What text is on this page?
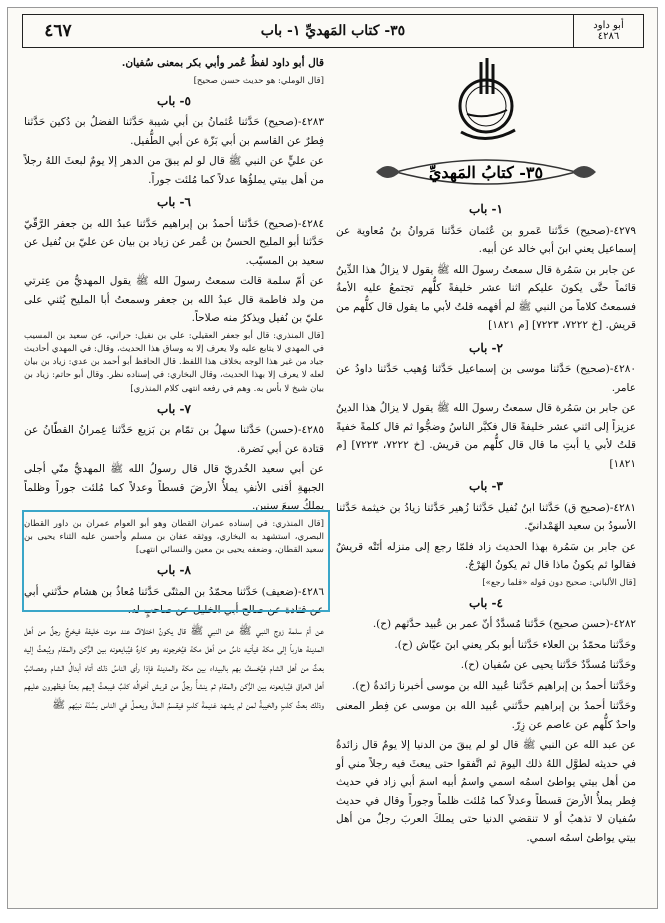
٤٦٧	٣٥- كتاب المَهديِّ ١- باب	أبو داود
٤٢٨٦
٣٥- كتابُ المَهديِّ
١- باب

٤٢٧٩-(صحيح) حَدَّثنا عَمرو بن عُثمان حَدَّثنا مَروانُ بنُ مُعاوية عن إسماعيل يعني ابنَ أبي خالد عن أبيه.

عن جابر بن سَمُرة قال سمعتُ رسولَ الله ﷺ يقول لا يزالُ هذا الدِّينُ قائماً حتَّى يكونَ عليكم اثنا عشر خليفةً كلُّهم تجتمعُ عليه الأمةُ فسمعتُ كلاماً من النبي ﷺ لم أفهمه قلتُ لأبي ما يقول قال كلُّهم من قريش. [خ ٧٢٢٢، ٧٢٢٣] [م ١٨٢١]

٢- باب

٤٢٨٠-(صحيح) حَدَّثنا موسى بن إسماعيل حَدَّثنا وُهيب حَدَّثنا داودُ عن عامر.

عن جابر بن سَمُرة قال سمعتُ رسولَ الله ﷺ يقول لا يزالُ هذا الدينُ عزيزاً إلى اثني عشر خليفةً قال فكبَّر الناسُ وضجُّوا ثم قال كلمةً خفيةً قلتُ لأبي يا أبتِ ما قال قال كلُّهم من قريش. [خ ٧٢٢٢، ٧٢٢٣] [م ١٨٢١]

٣- باب

٤٢٨١-(صحيح ق) حَدَّثنا ابنُ نُفيل حَدَّثنا زُهير حَدَّثنا زيادُ بن خيثمة حَدَّثنا الأسودُ بن سعيد الهَمْدانيّ.

عن جابر بن سَمُرة بهذا الحديث زاد فلمّا رجع إلى منزله أتَتْه قريشٌ فقالوا ثم يكونُ ماذا قال ثم يكونُ الهَرْجُ.

[قال الألباني: صحيح دون قوله «فلما رجع»]

٤- باب

٤٢٨٢-(حسن صحيح) حَدَّثنا مُسدَّدٌ أنّ عمر بن عُبيد حدَّثهم (ح).

وحَدَّثنا محمّدُ بن العلاء حَدَّثنا أبو بكر يعني ابنَ عيّاش (ح).

وحَدَّثنا مُسدَّدٌ حَدَّثنا يحيى عن سُفيان (ح).

وحَدَّثنا أحمدُ بن إبراهيم حَدَّثنا عُبيد الله بن موسى أخبرنا زائدةُ (ح).

وحَدَّثنا أحمدُ بن إبراهيم حدَّثني عُبيد الله بن موسى عن فِطر المعنى واحدٌ كلُّهم عن عاصم عن زِرّ.

عن عبد الله عن النبي ﷺ قال لو لم يبقَ من الدنيا إلا يومٌ قال زائدةُ في حديثه لطوَّل اللهُ ذلك اليومَ ثم اتَّفقوا حتى يبعثَ فيه رجلاً مني أو من أهل بيتي يواطئ اسمُه اسمي واسمُ أبيه اسمَ أبي زاد في حديث فِطر يملأُ الأرضَ قسطاً وعدلاً كما مُلئت ظلماً وجوراً وقال في حديث سُفيان لا تذهبُ أو لا تنقضي الدنيا حتى يملكَ العربَ رجلٌ من أهل بيتي يواطئ اسمُه اسمي.

قال أبو داود لفظُ عُمر وأبي بكر بمعنى سُفيان.

[قال الوملي: هو حديث حسن صحيح]

٥- باب

٤٢٨٣-(صحيح) حَدَّثنا عُثمانُ بن أبي شيبة حَدَّثنا الفضلُ بن دُكين حَدَّثنا فِطرٌ عن القاسم بن أبي بَزّة عن أبي الطُّفيل.

عن عليٍّ عن النبي ﷺ قال لو لم يبقَ من الدهر إلا يومٌ لبعثَ اللهُ رجلاً من أهل بيتي يملؤُها عدلاً كما مُلئت جوراً.

٦- باب

٤٢٨٤-(صحيح) حَدَّثنا أحمدُ بن إبراهيم حَدَّثنا عبدُ الله بن جعفر الرَّقّيّ حَدَّثنا أبو المليح الحسنُ بن عُمر عن زياد بن بيان عن عليّ بن نُفيل عن سعيد بن المسيّب.

عن أمّ سلمة قالت سمعتُ رسولَ الله ﷺ يقول المهديُّ من عِترتي من ولد فاطمة قال عبدُ الله بن جعفر وسمعتُ أبا المليح يُثني على عليّ بن نُفيل ويذكرُ منه صلاحاً.

[قال المنذري: قال أبو جعفر العقيلي: علي بن نفيل: حراني، عن سعيد بن المسيب في المهدي لا يتابع عليه ولا يعرف إلا به وساق هذا الحديث، وقال: في المهدي أحاديث جياد من غير هذا الوجه بخلاف هذا اللفظ. قال الحافظ أبو أحمد بن عدي: زياد بن بيان لعله لا يعرف إلا بهذا الحديث، وقال البخاري: في إسناده نظر. وقال أبو حاتم: زياد بن بيان شيخ لا بأس به. وهم في رفعه انتهى كلام المنذري]

٧- باب

٤٢٨٥-(حسن) حَدَّثنا سهلُ بن تمّام بن بَزيع حَدَّثنا عِمرانُ القطّانُ عن قتادة عن أبي نَضرة.

عن أبي سعيد الخُدريّ قال قال رسولُ الله ﷺ المهديُّ منّي أجلى الجبهةِ أقنى الأنفِ يملأُ الأرضَ قسطاً وعدلاً كما مُلئت جوراً وظلماً يملكُ سبعَ سنين.

[قال المنذري: في إسناده عمران القطان وهو أبو العوام عمران بن داور القطان البصري، استشهد به البخاري، ووثقه عفان بن مسلم وأحسن عليه الثناء يحيى بن سعيد القطان، وضعفه يحيى بن معين والنسائي انتهى]

٨- باب

٤٢٨٦-(ضعيف) حَدَّثنا محمّدُ بن المثنّى حَدَّثنا مُعاذُ بن هشام حدَّثني أبي عن قتادة عن صالح أبي الخليل عن صاحبٍ له.

عن أمّ سلمة زوج النبي ﷺ عن النبي ﷺ قال يكونُ اختلافٌ عند موت خليفة فيخرجُ رجلٌ من أهل المدينة هارباً إلى مكة فيأتيه ناسٌ من أهل مكة فيُخرجونه وهو كارهٌ فيُبايعونه بين الرُّكن والمقام ويُبعثُ إليه بعثٌ من أهل الشام فيُخسفُ بهم بالبيداء بين مكة والمدينة فإذا رأى الناسُ ذلك أتاه أبدالُ الشام وعصائبُ أهل العراق فيُبايعونه بين الرُّكن والمقام ثم ينشأُ رجلٌ من قريش أخوالُه كلبٌ فيبعثُ إليهم بعثاً فيظهرون عليهم وذلك بعثُ كلبٍ والخيبةُ لمن لم يشهد غنيمةَ كلبٍ فيقسمُ المالَ ويعملُ في الناس بسُنّة نبيّهم ﷺ
